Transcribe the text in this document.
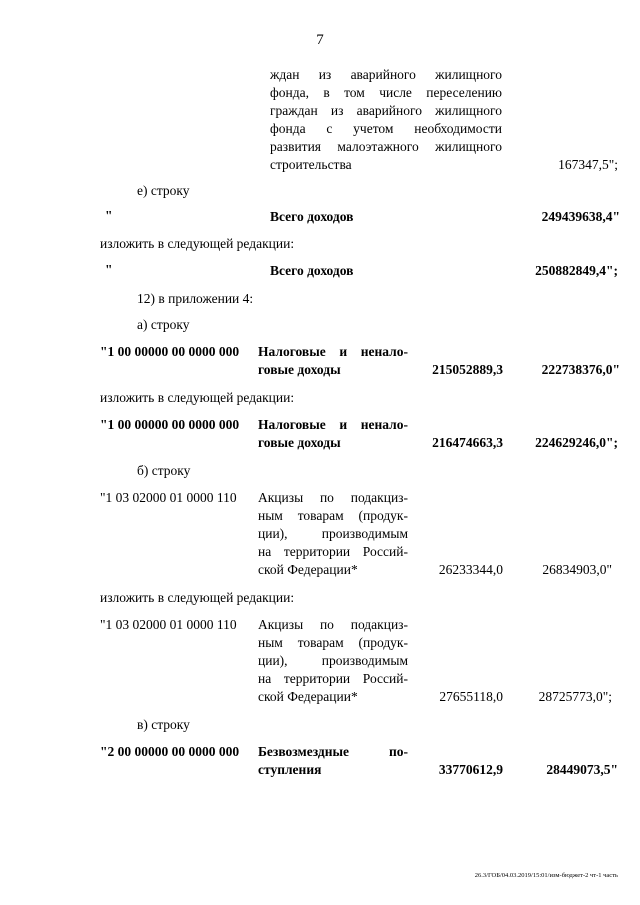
7
ждан из аварийного жилищного
фонда, в том числе переселению
граждан из аварийного жилищного
фонда с учетом необходимости
развития малоэтажного жилищного
строительства	167347,5";
е) строку
"	Всего доходов	249439638,4"
изложить в следующей редакции:
"	Всего доходов	250882849,4";
12) в приложении 4:
а) строку
"1 00 00000 00 0000 000 Налоговые и ненало-
говые доходы	215052889,3	222738376,0"
изложить в следующей редакции:
"1 00 00000 00 0000 000 Налоговые и ненало-
говые доходы	216474663,3 224629246,0";
б) строку
"1 03 02000 01 0000 110 Акцизы по подакциз-
ным товарам (продук-
ции), производимым
на территории Россий-
ской Федерации*	26233344,0	26834903,0"
изложить в следующей редакции:
"1 03 02000 01 0000 110 Акцизы по подакциз-
ным товарам (продук-
ции), производимым
на территории Россий-
ской Федерации*	27655118,0	28725773,0";
в) строку
"2 00 00000 00 0000 000 Безвозмездные по-
ступления	33770612,9	28449073,5"
26.3/ГОБ/04.03.2019/15:01/изм-бюджет-2 чт-1 часть
